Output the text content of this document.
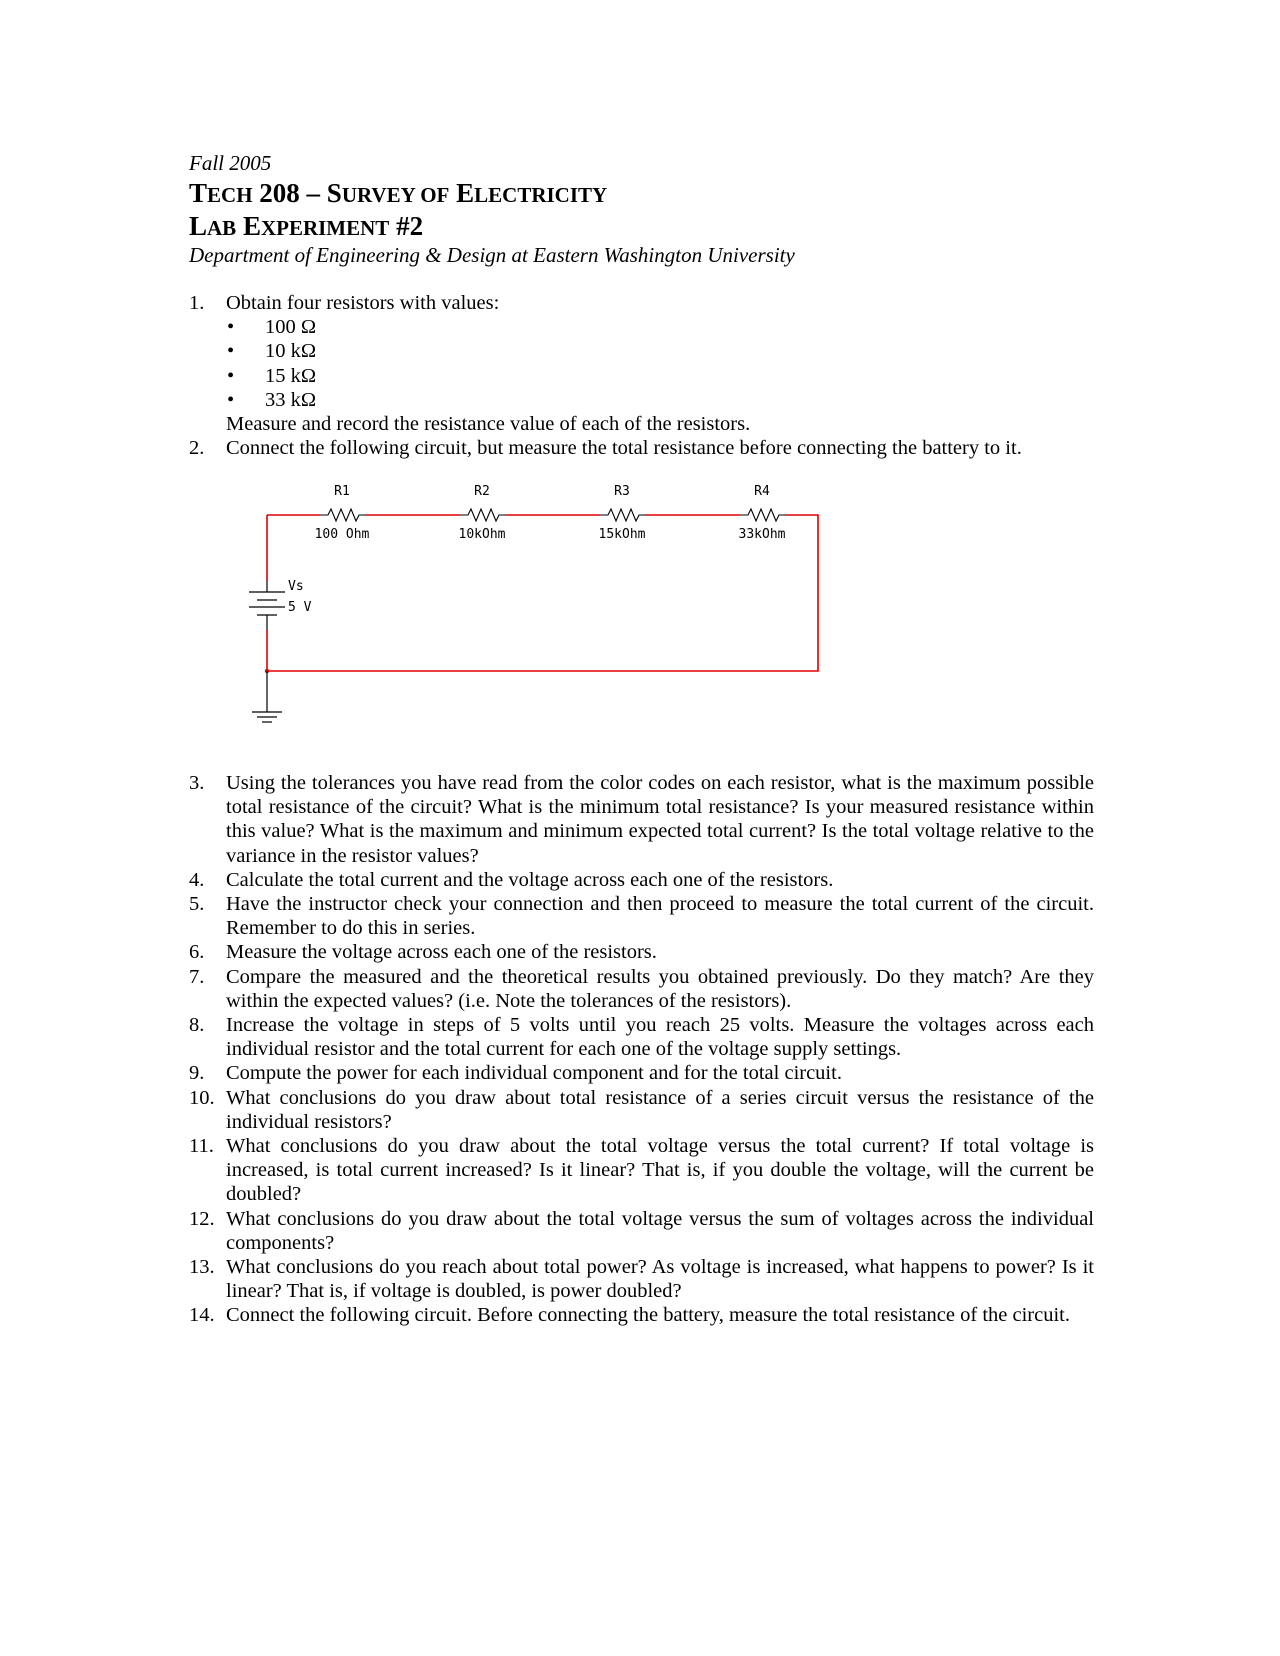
Fall 2005
TECH 208 – SURVEY OF ELECTRICITY
LAB EXPERIMENT #2
Department of Engineering & Design at Eastern Washington University
1. Obtain four resistors with values:
• 100 Ω
• 10 kΩ
• 15 kΩ
• 33 kΩ
Measure and record the resistance value of each of the resistors.
2. Connect the following circuit, but measure the total resistance before connecting the battery to it.
R1
100 Ohm
R2
10kOhm
R3
15kOhm
R4
33kOhm
Vs
5 V
3. Using the tolerances you have read from the color codes on each resistor, what is the maximum possible total resistance of the circuit? What is the minimum total resistance? Is your measured resistance within this value? What is the maximum and minimum expected total current? Is the total voltage relative to the variance in the resistor values?
4. Calculate the total current and the voltage across each one of the resistors.
5. Have the instructor check your connection and then proceed to measure the total current of the circuit. Remember to do this in series.
6. Measure the voltage across each one of the resistors.
7. Compare the measured and the theoretical results you obtained previously. Do they match? Are they within the expected values? (i.e. Note the tolerances of the resistors).
8. Increase the voltage in steps of 5 volts until you reach 25 volts. Measure the voltages across each individual resistor and the total current for each one of the voltage supply settings.
9. Compute the power for each individual component and for the total circuit.
10. What conclusions do you draw about total resistance of a series circuit versus the resistance of the individual resistors?
11. What conclusions do you draw about the total voltage versus the total current? If total voltage is increased, is total current increased? Is it linear? That is, if you double the voltage, will the current be doubled?
12. What conclusions do you draw about the total voltage versus the sum of voltages across the individual components?
13. What conclusions do you reach about total power? As voltage is increased, what happens to power? Is it linear? That is, if voltage is doubled, is power doubled?
14. Connect the following circuit. Before connecting the battery, measure the total resistance of the circuit.
